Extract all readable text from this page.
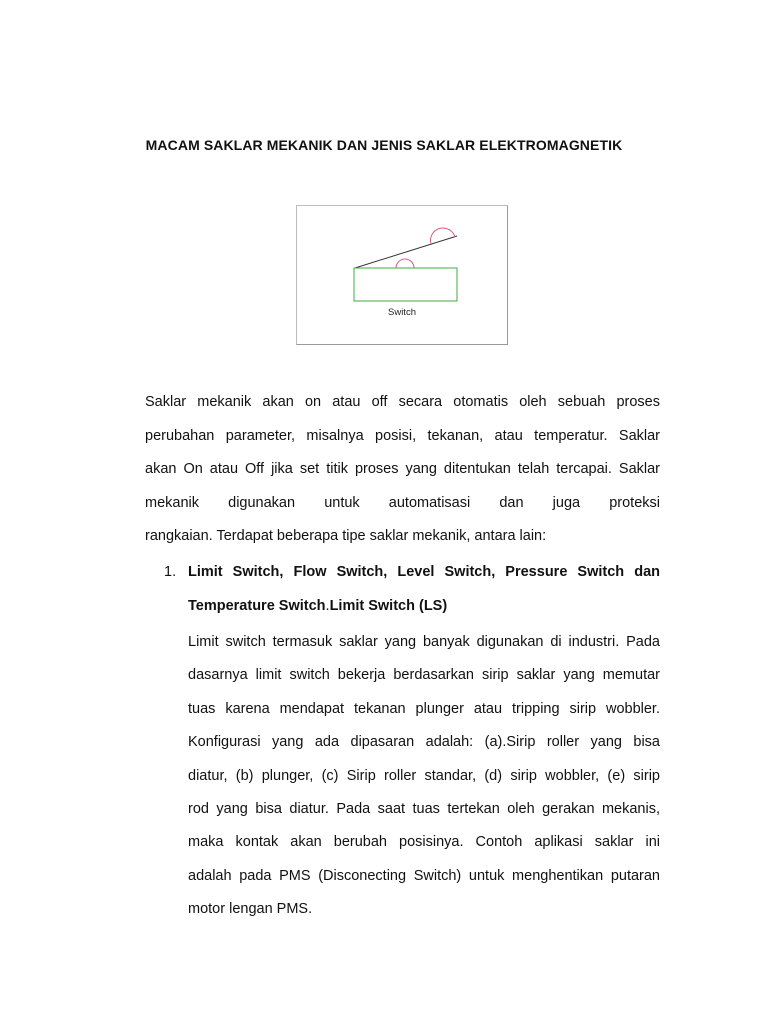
MACAM SAKLAR MEKANIK DAN JENIS SAKLAR ELEKTROMAGNETIK
Switch
Saklar mekanik akan on atau off secara otomatis oleh sebuah proses
perubahan parameter, misalnya posisi, tekanan, atau temperatur. Saklar
akan On atau Off jika set titik proses yang ditentukan telah tercapai. Saklar
mekanik digunakan untuk automatisasi dan juga proteksi
rangkaian. Terdapat beberapa tipe saklar mekanik, antara lain:
1. Limit Switch, Flow Switch, Level Switch, Pressure Switch dan
Temperature Switch.Limit Switch (LS)
Limit switch termasuk saklar yang banyak digunakan di industri. Pada
dasarnya limit switch bekerja berdasarkan sirip saklar yang memutar
tuas karena mendapat tekanan plunger atau tripping sirip wobbler.
Konfigurasi yang ada dipasaran adalah: (a).Sirip roller yang bisa
diatur, (b) plunger, (c) Sirip roller standar, (d) sirip wobbler, (e) sirip
rod yang bisa diatur. Pada saat tuas tertekan oleh gerakan mekanis,
maka kontak akan berubah posisinya. Contoh aplikasi saklar ini
adalah pada PMS (Disconecting Switch) untuk menghentikan putaran
motor lengan PMS.
